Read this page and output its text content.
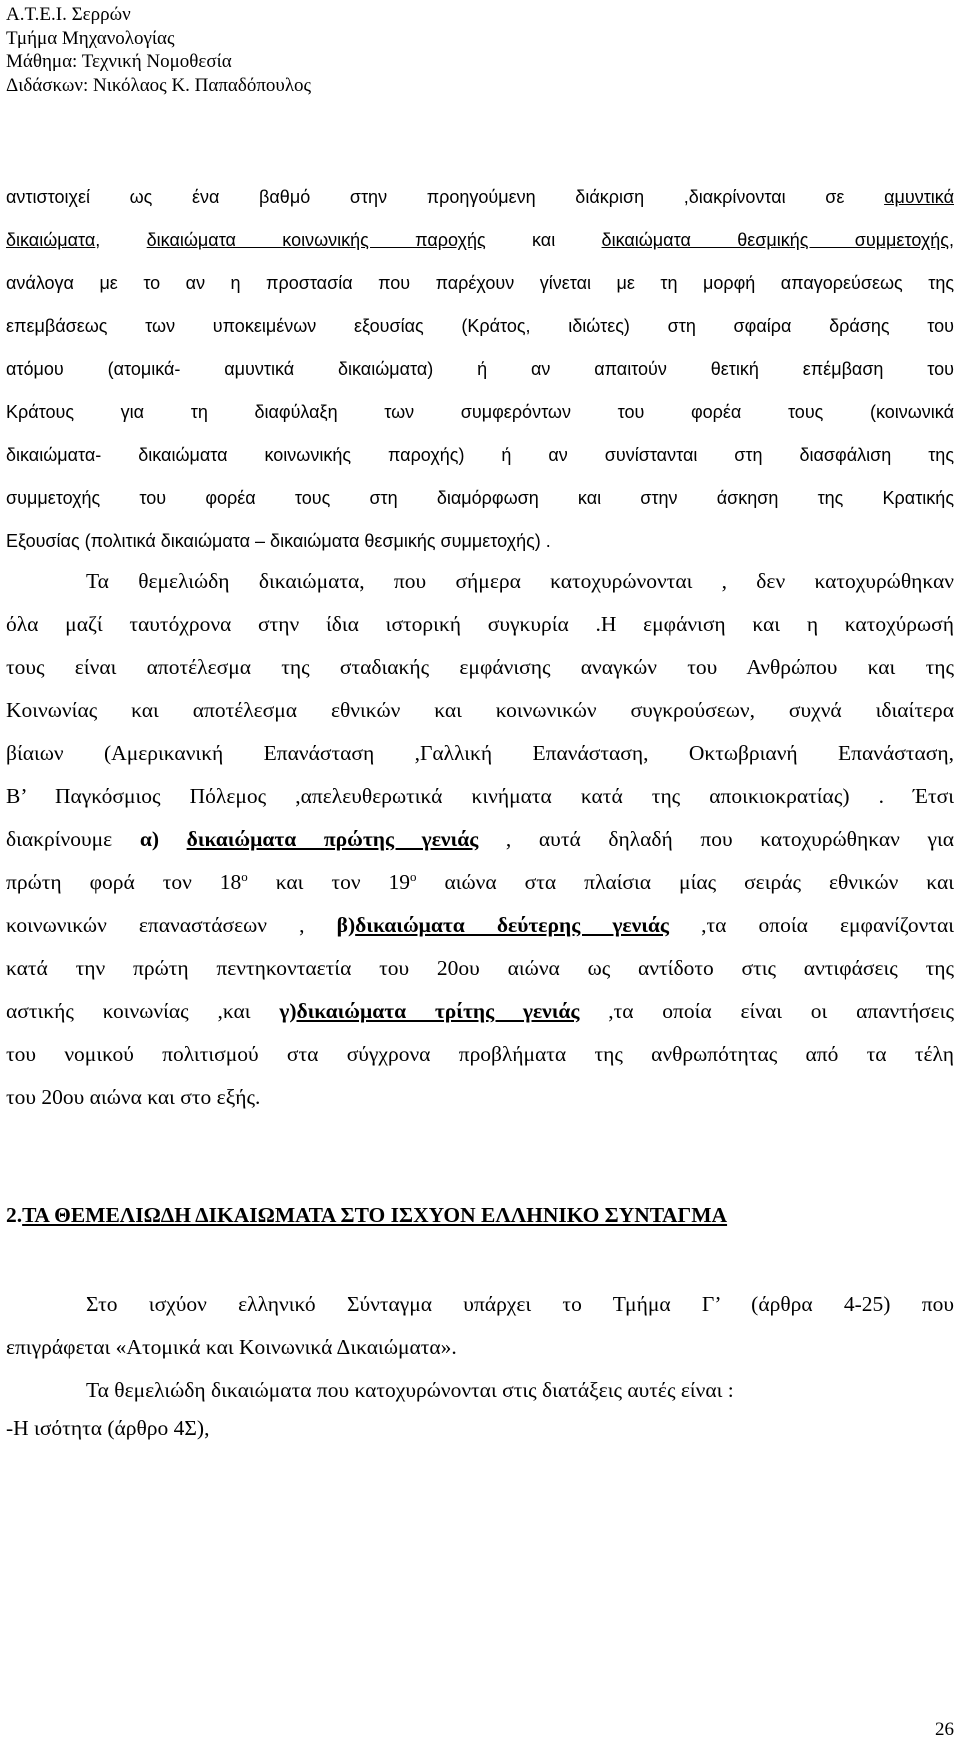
Α.Τ.Ε.Ι. Σερρών
Τμήμα Μηχανολογίας
Μάθημα: Τεχνική Νομοθεσία
Διδάσκων: Νικόλαος Κ. Παπαδόπουλος
αντιστοιχεί ως ένα βαθμό στην προηγούμενη διάκριση ,διακρίνονται σε αμυντικά
δικαιώματα, δικαιώματα κοινωνικής παροχής και δικαιώματα θεσμικής συμμετοχής,
ανάλογα με το αν η προστασία που παρέχουν γίνεται με τη μορφή απαγορεύσεως της
επεμβάσεως των υποκειμένων εξουσίας (Κράτος, ιδιώτες) στη σφαίρα δράσης του
ατόμου (ατομικά- αμυντικά δικαιώματα) ή αν απαιτούν θετική επέμβαση του
Κράτους για τη διαφύλαξη των συμφερόντων του φορέα τους (κοινωνικά
δικαιώματα- δικαιώματα κοινωνικής παροχής) ή αν συνίστανται στη διασφάλιση της
συμμετοχής του φορέα τους στη διαμόρφωση και στην άσκηση της Κρατικής
Εξουσίας (πολιτικά δικαιώματα – δικαιώματα θεσμικής συμμετοχής) .
Τα θεμελιώδη δικαιώματα, που σήμερα κατοχυρώνονται , δεν κατοχυρώθηκαν
όλα μαζί ταυτόχρονα στην ίδια ιστορική συγκυρία .Η εμφάνιση και η κατοχύρωσή
τους είναι αποτέλεσμα της σταδιακής εμφάνισης αναγκών του Ανθρώπου και της
Κοινωνίας και αποτέλεσμα εθνικών και κοινωνικών συγκρούσεων, συχνά ιδιαίτερα
βίαιων (Αμερικανική Επανάσταση ,Γαλλική Επανάσταση, Οκτωβριανή Επανάσταση,
Β’ Παγκόσμιος Πόλεμος ,απελευθερωτικά κινήματα κατά της αποικιοκρατίας) . Έτσι
διακρίνουμε α) δικαιώματα πρώτης γενιάς , αυτά δηλαδή που κατοχυρώθηκαν για
πρώτη φορά τον $18^o$ και τον $19^o$ αιώνα στα πλαίσια μίας σειράς εθνικών και
κοινωνικών επαναστάσεων , β)δικαιώματα δεύτερης γενιάς ,τα οποία εμφανίζονται
κατά την πρώτη πεντηκονταετία του 20ου αιώνα ως αντίδοτο στις αντιφάσεις της
αστικής κοινωνίας ,και γ)δικαιώματα τρίτης γενιάς ,τα οποία είναι οι απαντήσεις
του νομικού πολιτισμού στα σύγχρονα προβλήματα της ανθρωπότητας από τα τέλη
του 20ου αιώνα και στο εξής.
2.ΤΑ ΘΕΜΕΛΙΩΔΗ ΔΙΚΑΙΩΜΑΤΑ ΣΤΟ ΙΣΧΥΟΝ ΕΛΛΗΝΙΚΟ ΣΥΝΤΑΓΜΑ
Στο ισχύον ελληνικό Σύνταγμα υπάρχει το Τμήμα Γ’ (άρθρα 4-25) που
επιγράφεται «Ατομικά και Κοινωνικά Δικαιώματα».
Τα θεμελιώδη δικαιώματα που κατοχυρώνονται στις διατάξεις αυτές είναι :
-Η ισότητα (άρθρο 4Σ),
26
